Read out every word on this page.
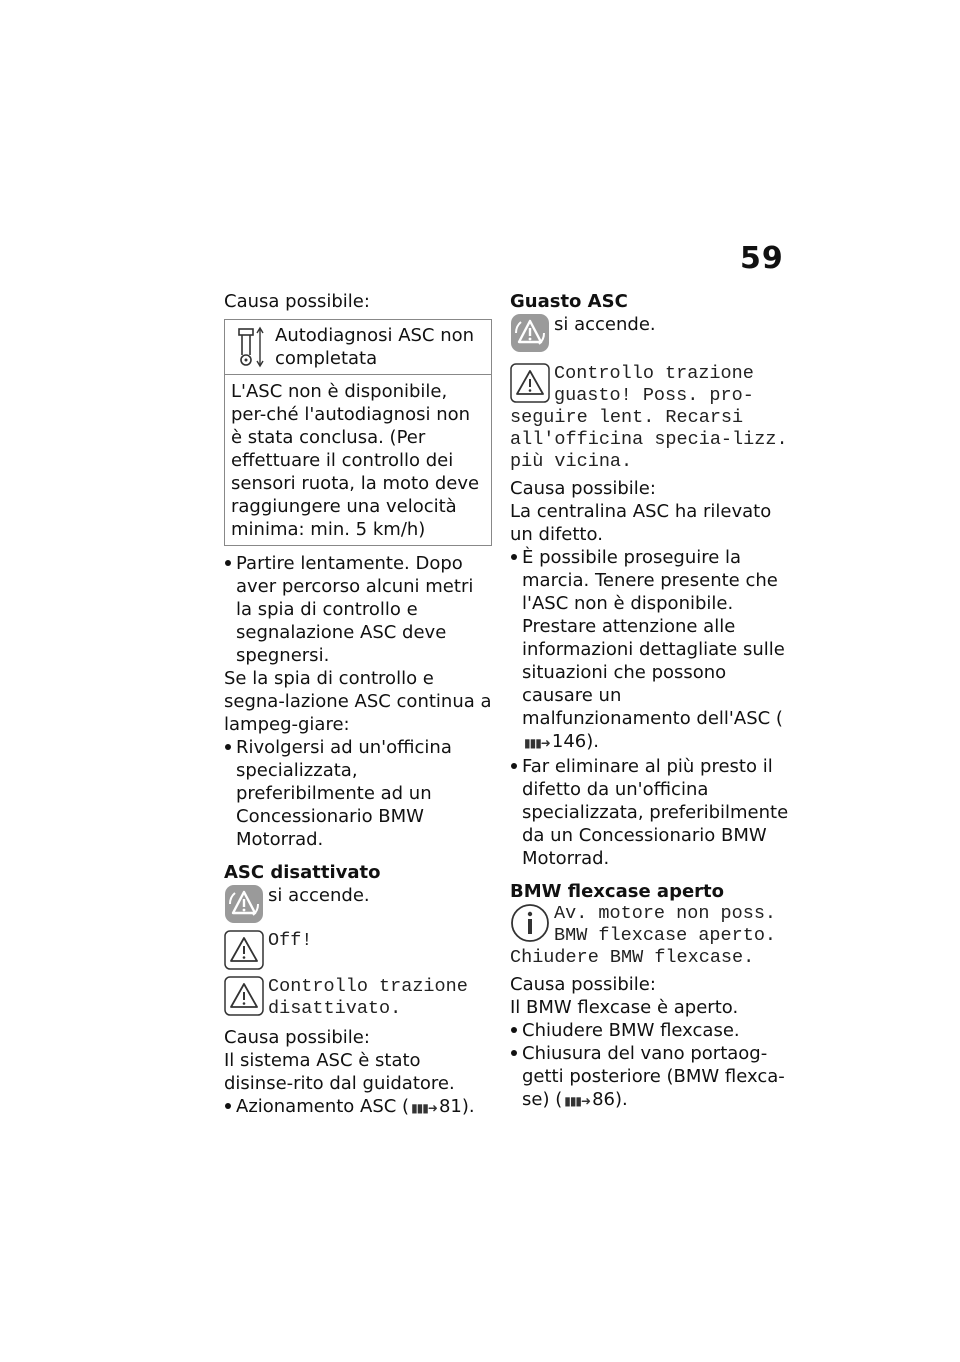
59

Causa possibile:

Autodiagnosi ASC non completata
L'ASC non è disponibile, per-ché l'autodiagnosi non è stata conclusa. (Per effettuare il controllo dei sensori ruota, la moto deve raggiungere una velocità minima: min. 5 km/h)

Partire lentamente. Dopo aver percorso alcuni metri la spia di controllo e segnalazione ASC deve spegnersi.

Se la spia di controllo e segna-lazione ASC continua a lampeg-giare:

Rivolgersi ad un'officina specializzata, preferibilmente ad un Concessionario BMW Motorrad.

ASC disattivato

si accende.
Off!
Controllo trazione disattivato.

Causa possibile:

Il sistema ASC è stato disinse-rito dal guidatore.

Azionamento ASC ( ▮▮▮➜ 81).

Guasto ASC

si accende.
Controllo trazione guasto! Poss. pro-seguire lent. Recarsi all'officina specia-lizz. più vicina.

Causa possibile:

La centralina ASC ha rilevato un difetto.

È possibile proseguire la marcia. Tenere presente che l'ASC non è disponibile. Prestare attenzione alle informazioni dettagliate sulle situazioni che possono causare un malfunzionamento dell'ASC (▮▮▮➜ 146).

Far eliminare al più presto il difetto da un'officina specializzata, preferibilmente da un Concessionario BMW Motorrad.

BMW flexcase aperto

Av. motore non poss. BMW flexcase aperto. Chiudere BMW flexcase.

Causa possibile:

Il BMW flexcase è aperto.

Chiudere BMW flexcase.

Chiusura del vano portaog-getti posteriore (BMW flexca-se) ( ▮▮▮➜ 86).
